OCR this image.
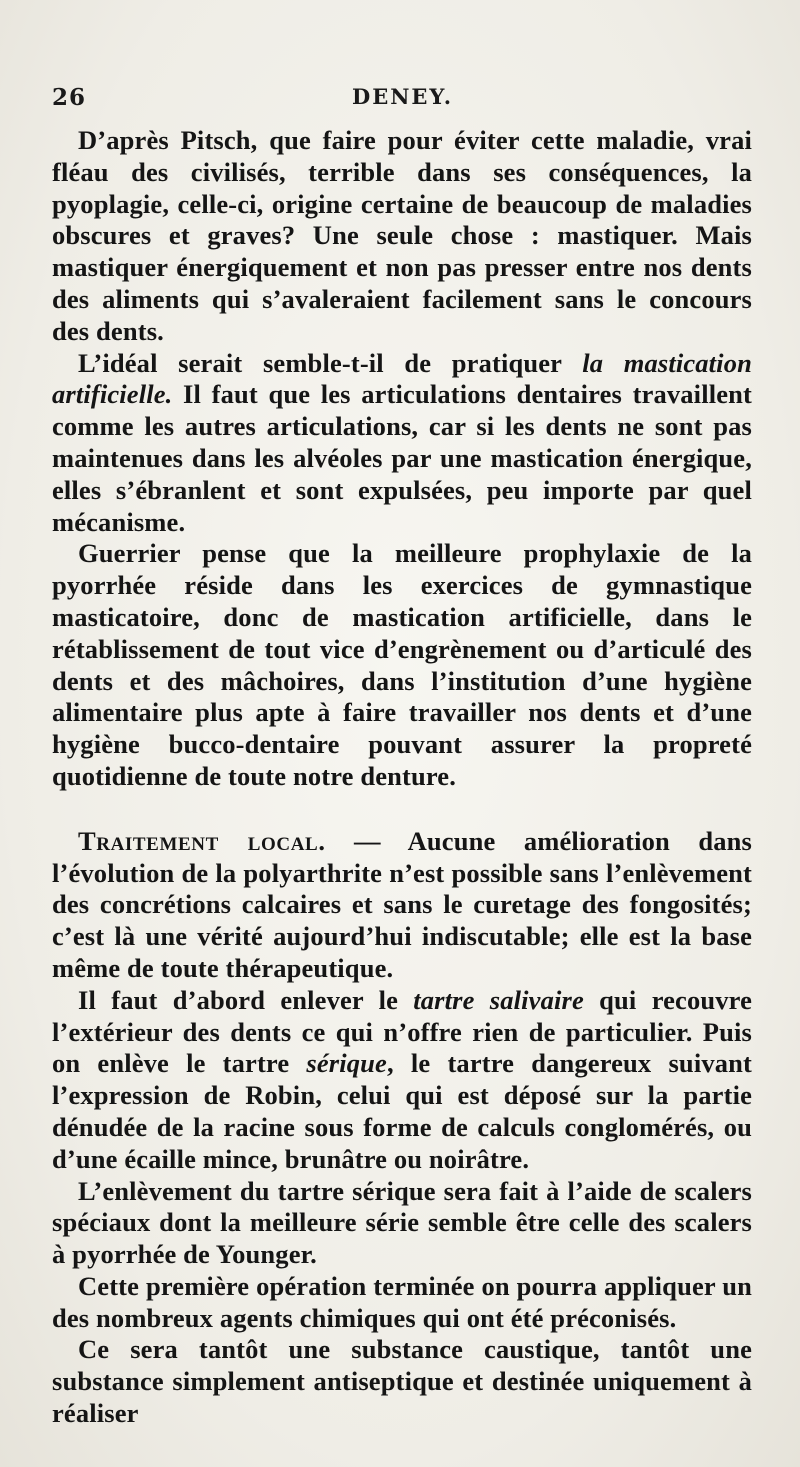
26	DENEY.

D’après Pitsch, que faire pour éviter cette maladie, vrai fléau des civilisés, terrible dans ses conséquences, la pyoplagie, celle-ci, origine certaine de beaucoup de maladies obscures et graves? Une seule chose : mastiquer. Mais mastiquer énergiquement et non pas presser entre nos dents des aliments qui s’avaleraient facilement sans le concours des dents.

L’idéal serait semble-t-il de pratiquer la mastication artificielle. Il faut que les articulations dentaires travaillent comme les autres articulations, car si les dents ne sont pas maintenues dans les alvéoles par une mastication énergique, elles s’ébranlent et sont expulsées, peu importe par quel mécanisme.

Guerrier pense que la meilleure prophylaxie de la pyorrhée réside dans les exercices de gymnastique masticatoire, donc de mastication artificielle, dans le rétablissement de tout vice d’engrènement ou d’articulé des dents et des mâchoires, dans l’institution d’une hygiène alimentaire plus apte à faire travailler nos dents et d’une hygiène bucco-dentaire pouvant assurer la propreté quotidienne de toute notre denture.

Traitement local. — Aucune amélioration dans l’évolution de la polyarthrite n’est possible sans l’enlèvement des concrétions calcaires et sans le curetage des fongosités; c’est là une vérité aujourd’hui indiscutable; elle est la base même de toute thérapeutique.

Il faut d’abord enlever le tartre salivaire qui recouvre l’extérieur des dents ce qui n’offre rien de particulier. Puis on enlève le tartre sérique, le tartre dangereux suivant l’expression de Robin, celui qui est déposé sur la partie dénudée de la racine sous forme de calculs conglomérés, ou d’une écaille mince, brunâtre ou noirâtre.

L’enlèvement du tartre sérique sera fait à l’aide de scalers spéciaux dont la meilleure série semble être celle des scalers à pyorrhée de Younger.

Cette première opération terminée on pourra appliquer un des nombreux agents chimiques qui ont été préconisés.

Ce sera tantôt une substance caustique, tantôt une substance simplement antiseptique et destinée uniquement à réaliser
